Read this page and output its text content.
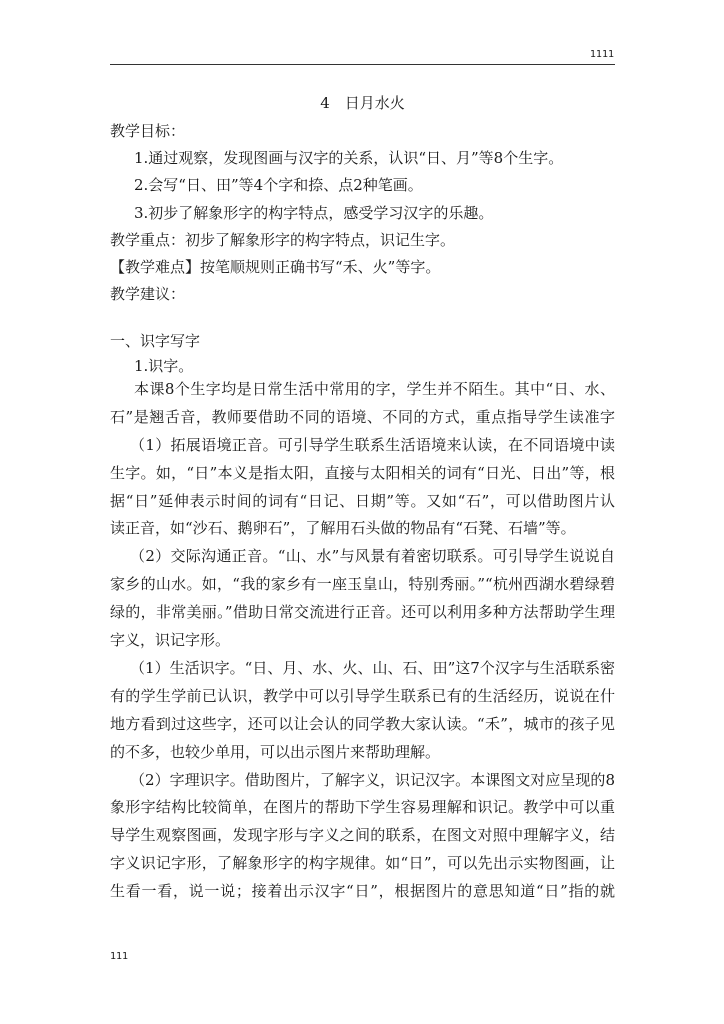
1111
4　日月水火
教学目标：
1.通过观察，发现图画与汉字的关系，认识“日、月”等8个生字。
2.会写“日、田”等4个字和捺、点2种笔画。
3.初步了解象形字的构字特点，感受学习汉字的乐趣。
教学重点：初步了解象形字的构字特点，识记生字。
【教学难点】按笔顺规则正确书写“禾、火”等字。
教学建议：
一、识字写字
1.识字。
本课8个生字均是日常生活中常用的字，学生并不陌生。其中“日、水、
石”是翘舌音，教师要借助不同的语境、不同的方式，重点指导学生读准字
（1）拓展语境正音。可引导学生联系生活语境来认读，在不同语境中读
生字。如，“日”本义是指太阳，直接与太阳相关的词有“日光、日出”等，根
据“日”延伸表示时间的词有“日记、日期”等。又如“石”，可以借助图片认
读正音，如“沙石、鹅卵石”，了解用石头做的物品有“石凳、石墙”等。
（2）交际沟通正音。“山、水”与风景有着密切联系。可引导学生说说自
家乡的山水。如，“我的家乡有一座玉皇山，特别秀丽。”“杭州西湖水碧绿碧
绿的，非常美丽。”借助日常交流进行正音。还可以利用多种方法帮助学生理
字义，识记字形。
（1）生活识字。“日、月、水、火、山、石、田”这7个汉字与生活联系密
有的学生学前已认识，教学中可以引导学生联系已有的生活经历，说说在什
地方看到过这些字，还可以让会认的同学教大家认读。“禾”，城市的孩子见
的不多，也较少单用，可以出示图片来帮助理解。
（2）字理识字。借助图片，了解字义，识记汉字。本课图文对应呈现的8
象形字结构比较简单，在图片的帮助下学生容易理解和识记。教学中可以重
导学生观察图画，发现字形与字义之间的联系，在图文对照中理解字义，结
字义识记字形，了解象形字的构字规律。如“日”，可以先出示实物图画，让
生看一看，说一说；接着出示汉字“日”，根据图片的意思知道“日”指的就
111
